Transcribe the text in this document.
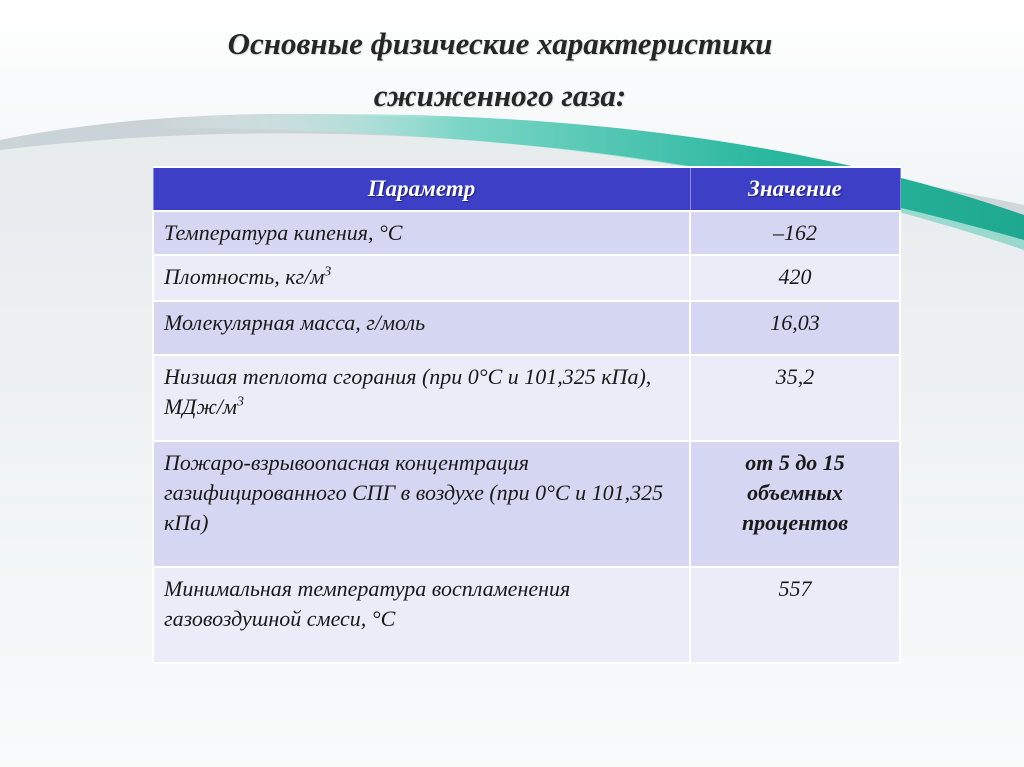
Основные физические характеристики
сжиженного газа:
Параметр	Значение
Температура кипения, °С	–162
Плотность, $кг/м^3$	420
Молекулярная масса, г/моль	16,03
Низшая теплота сгорания (при 0°С и 101,325 кПа), МДж/$м^3$	35,2
Пожаро-взрывоопасная концентрация газифицированного СПГ в воздухе (при 0°С и 101,325 кПа)	от 5 до 15 объемных процентов
Минимальная температура воспламенения газовоздушной смеси, °С	557
